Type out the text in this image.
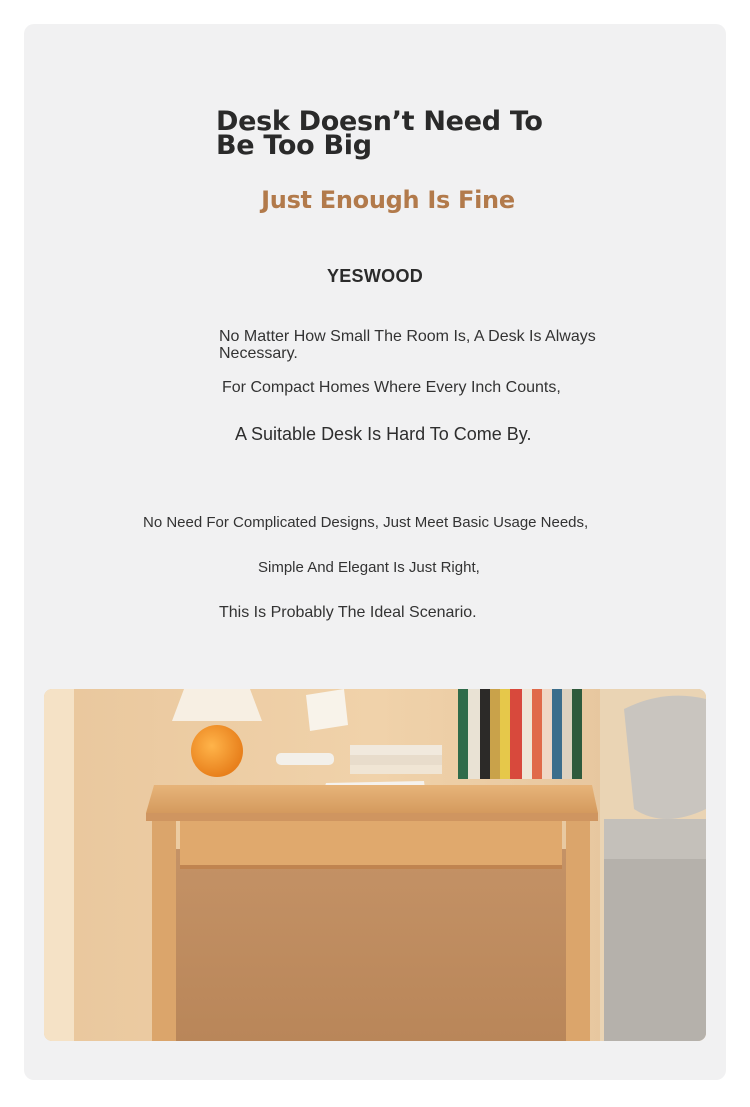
Desk Doesn’t Need To Be Too Big
Just Enough Is Fine
YESWOOD
No Matter How Small The Room Is, A Desk Is Always Necessary.
For Compact Homes Where Every Inch Counts,
A Suitable Desk Is Hard To Come By.
No Need For Complicated Designs, Just Meet Basic Usage Needs,
Simple And Elegant Is Just Right,
This Is Probably The Ideal Scenario.
